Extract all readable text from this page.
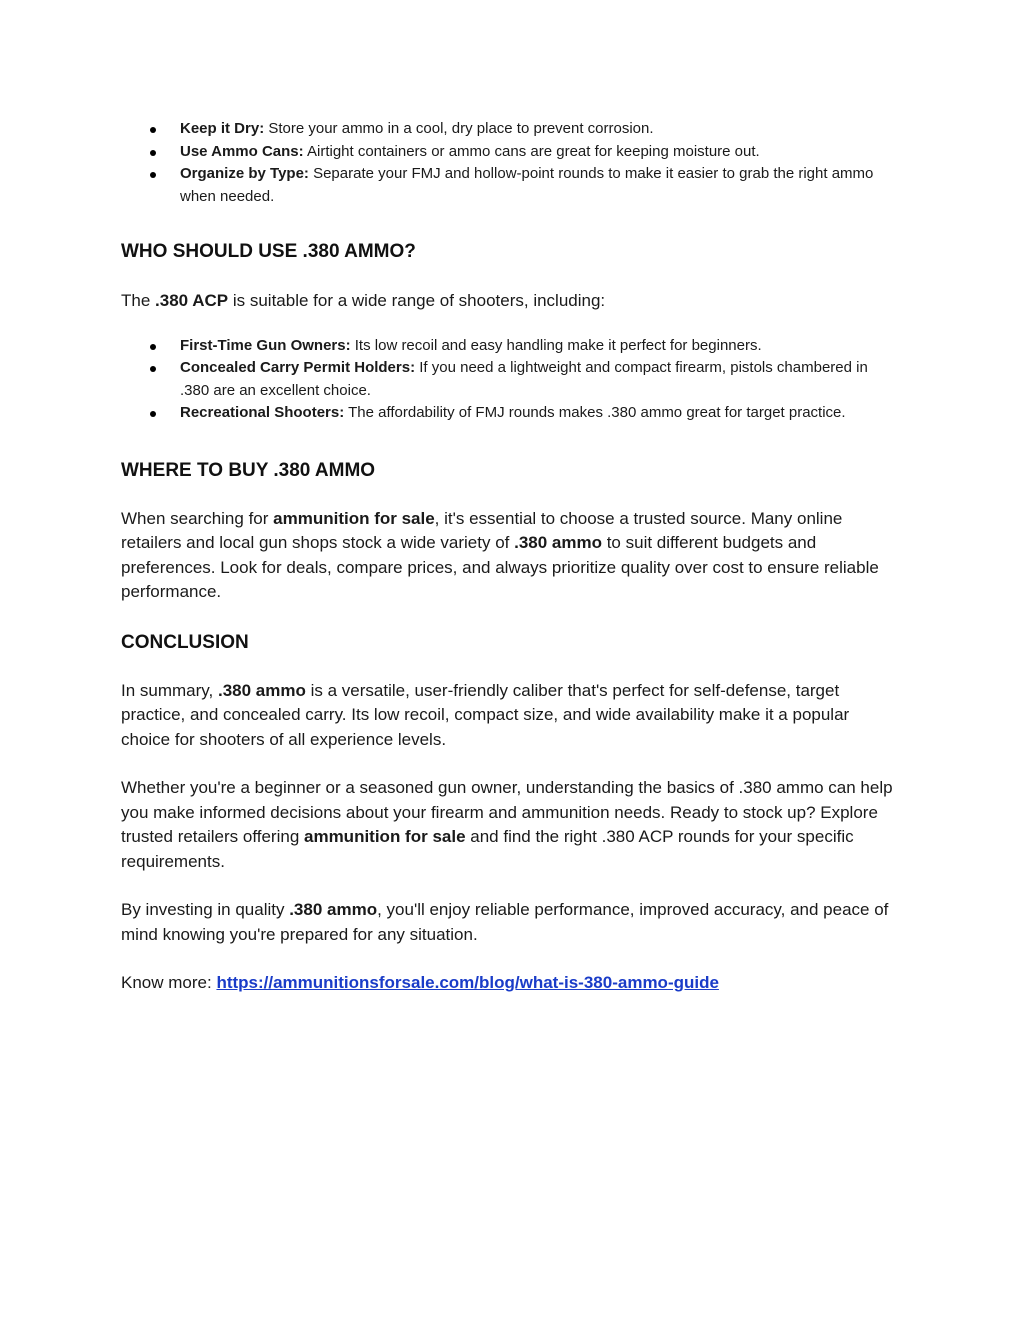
Keep it Dry: Store your ammo in a cool, dry place to prevent corrosion.
Use Ammo Cans: Airtight containers or ammo cans are great for keeping moisture out.
Organize by Type: Separate your FMJ and hollow-point rounds to make it easier to grab the right ammo when needed.
WHO SHOULD USE .380 AMMO?

The .380 ACP is suitable for a wide range of shooters, including:

First-Time Gun Owners: Its low recoil and easy handling make it perfect for beginners.
Concealed Carry Permit Holders: If you need a lightweight and compact firearm, pistols chambered in .380 are an excellent choice.
Recreational Shooters: The affordability of FMJ rounds makes .380 ammo great for target practice.
WHERE TO BUY .380 AMMO

When searching for ammunition for sale, it's essential to choose a trusted source. Many online retailers and local gun shops stock a wide variety of .380 ammo to suit different budgets and preferences. Look for deals, compare prices, and always prioritize quality over cost to ensure reliable performance.

CONCLUSION

In summary, .380 ammo is a versatile, user-friendly caliber that's perfect for self-defense, target practice, and concealed carry. Its low recoil, compact size, and wide availability make it a popular choice for shooters of all experience levels.

Whether you're a beginner or a seasoned gun owner, understanding the basics of .380 ammo can help you make informed decisions about your firearm and ammunition needs. Ready to stock up? Explore trusted retailers offering ammunition for sale and find the right .380 ACP rounds for your specific requirements.

By investing in quality .380 ammo, you'll enjoy reliable performance, improved accuracy, and peace of mind knowing you're prepared for any situation.

Know more: https://ammunitionsforsale.com/blog/what-is-380-ammo-guide
